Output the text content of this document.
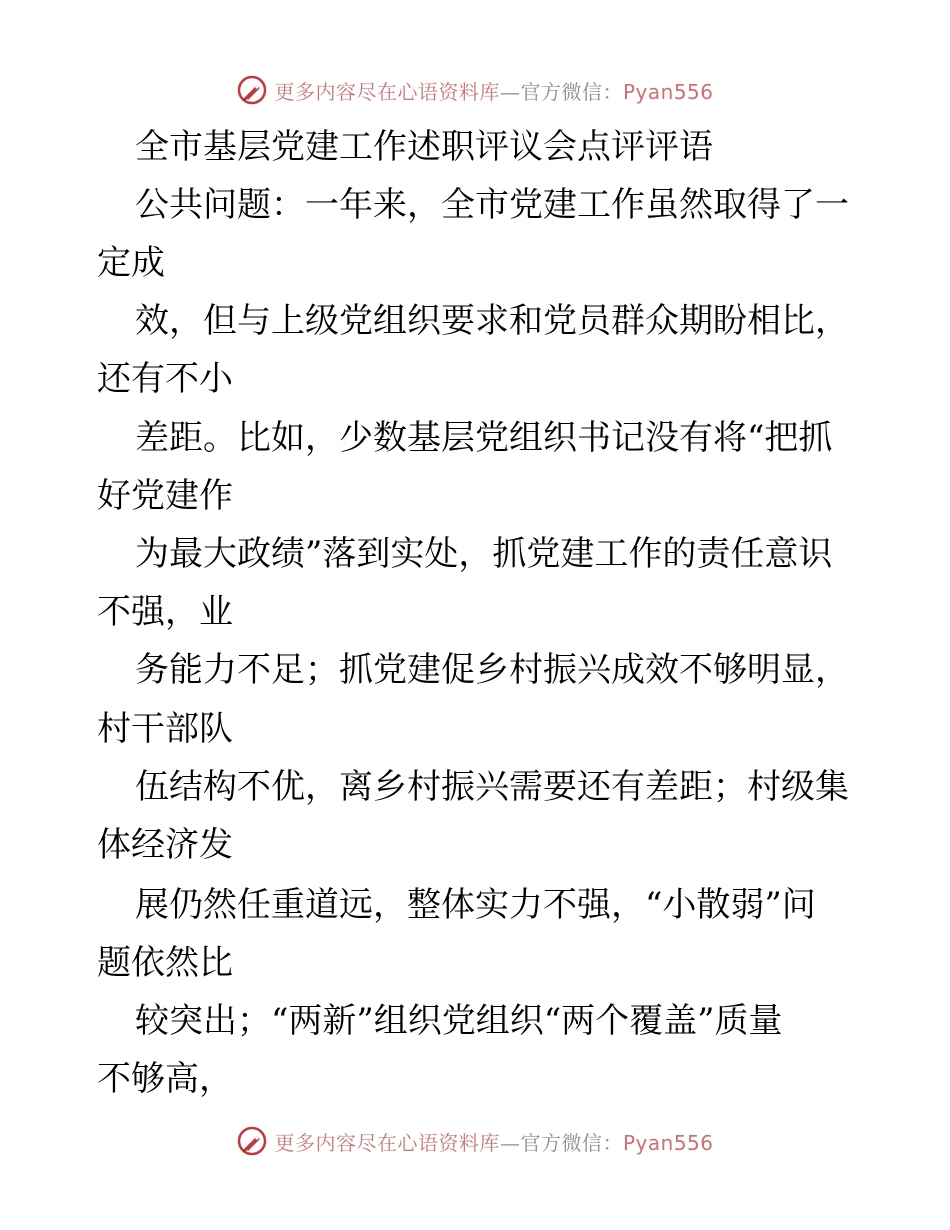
更多内容尽在心语资料库—官方微信：Pyan556
全市基层党建工作述职评议会点评评语
公共问题：一年来，全市党建工作虽然取得了一
定成
效，但与上级党组织要求和党员群众期盼相比，
还有不小
差距。比如，少数基层党组织书记没有将“把抓
好党建作
为最大政绩”落到实处，抓党建工作的责任意识
不强，业
务能力不足；抓党建促乡村振兴成效不够明显，
村干部队
伍结构不优，离乡村振兴需要还有差距；村级集
体经济发
展仍然任重道远，整体实力不强，“小散弱”问
题依然比
较突出；“两新”组织党组织“两个覆盖”质量
不够高，
更多内容尽在心语资料库—官方微信：Pyan556
